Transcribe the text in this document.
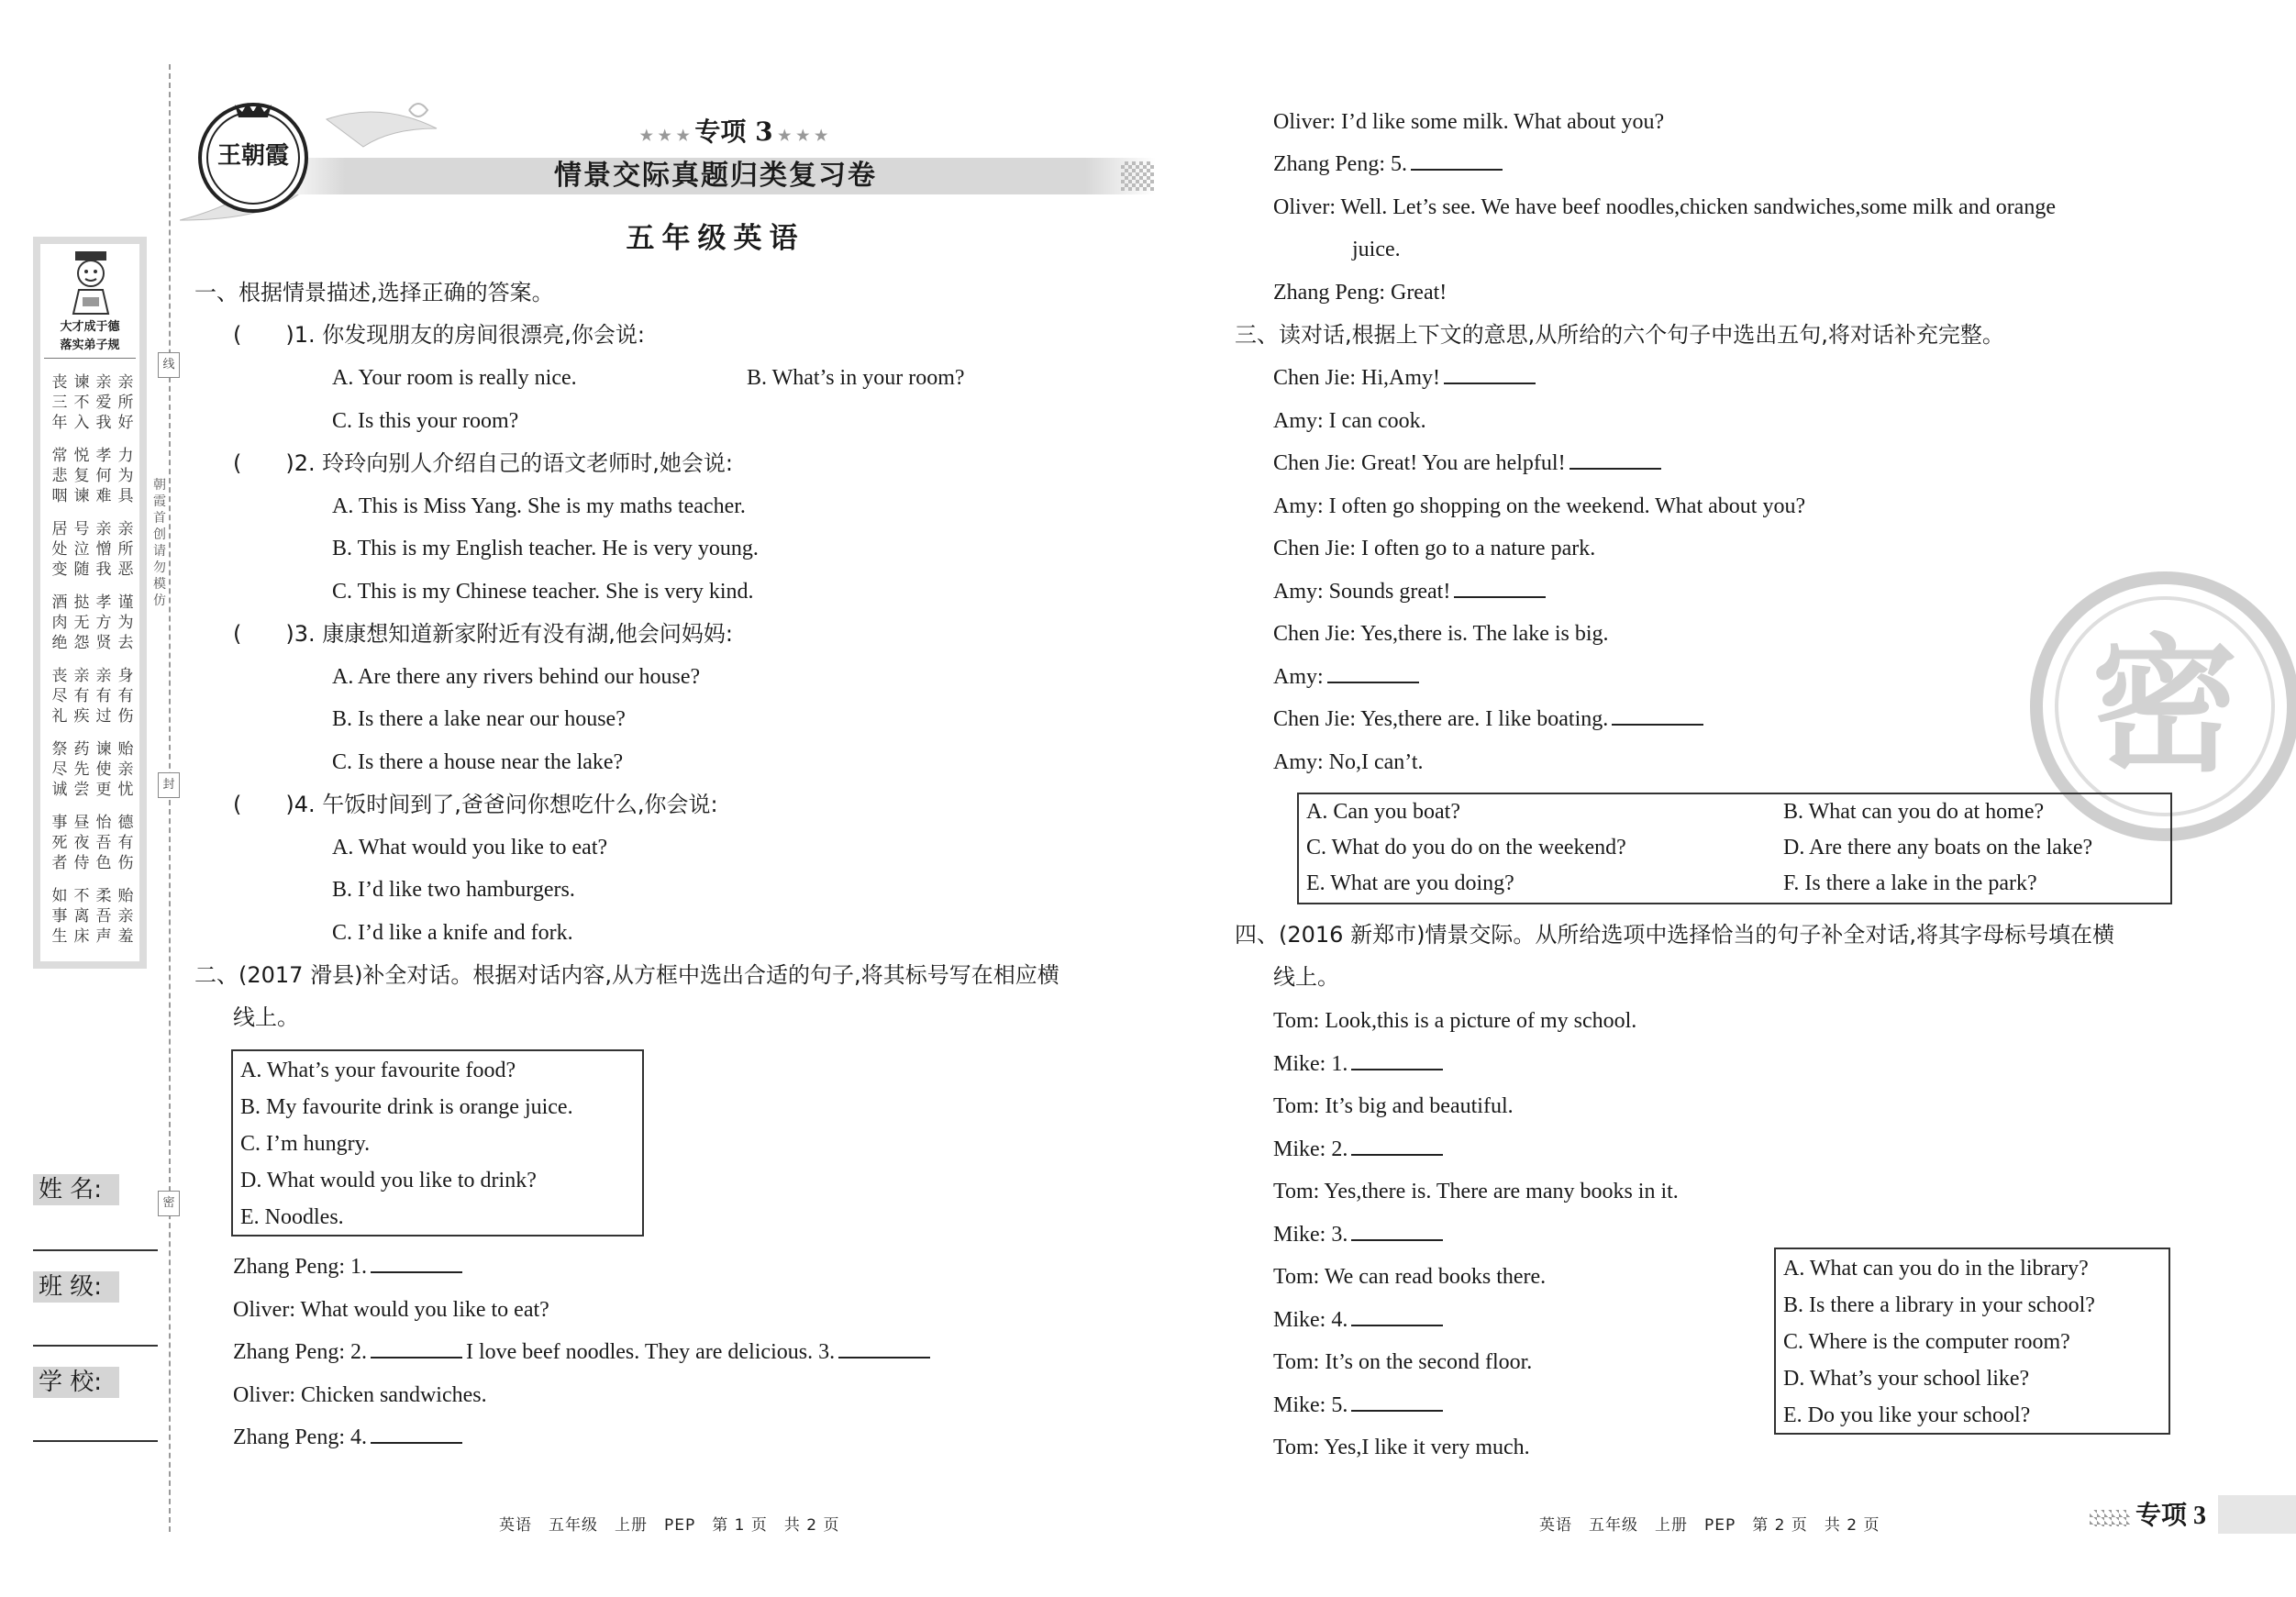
线
封
密
朝霞首创 请勿模仿
大才成于德
落实弟子规
丧三年
谏不入
亲爱我
亲所好
常悲咽
悦复谏
孝何难
力为具
居处变
号泣随
亲憎我
亲所恶
酒肉绝
挞无怨
孝方贤
谨为去
丧尽礼
亲有疾
亲有过
身有伤
祭尽诚
药先尝
谏使更
贻亲忧
事死者
昼夜侍
怡吾色
德有伤
如事生
不离床
柔吾声
贻亲羞
姓 名:
班 级:
学 校:
王朝霞
★ ★ ★ 专项 3 ★ ★ ★
情景交际真题归类复习卷
五年级英语
一、根据情景描述,选择正确的答案。
(　　)1. 你发现朋友的房间很漂亮,你会说:
A. Your room is really nice.	B. What’s in your room?
C. Is this your room?
(　　)2. 玲玲向别人介绍自己的语文老师时,她会说:
A. This is Miss Yang. She is my maths teacher.
B. This is my English teacher. He is very young.
C. This is my Chinese teacher. She is very kind.
(　　)3. 康康想知道新家附近有没有湖,他会问妈妈:
A. Are there any rivers behind our house?
B. Is there a lake near our house?
C. Is there a house near the lake?
(　　)4. 午饭时间到了,爸爸问你想吃什么,你会说:
A. What would you like to eat?
B. I’d like two hamburgers.
C. I’d like a knife and fork.
二、(2017 滑县)补全对话。根据对话内容,从方框中选出合适的句子,将其标号写在相应横
线上。
A. What’s your favourite food?
B. My favourite drink is orange juice.
C. I’m hungry.
D. What would you like to drink?
E. Noodles.
Zhang Peng: 1.
Oliver: What would you like to eat?
Zhang Peng: 2.	I love beef noodles. They are delicious. 3.
Oliver: Chicken sandwiches.
Zhang Peng: 4.
英语　五年级　上册　PEP　第 1 页　共 2 页
密
Oliver: I’d like some milk. What about you?
Zhang Peng: 5.
Oliver: Well. Let’s see. We have beef noodles,chicken sandwiches,some milk and orange
juice.
Zhang Peng: Great!
三、读对话,根据上下文的意思,从所给的六个句子中选出五句,将对话补充完整。
Chen Jie: Hi,Amy!
Amy: I can cook.
Chen Jie: Great! You are helpful!
Amy: I often go shopping on the weekend. What about you?
Chen Jie: I often go to a nature park.
Amy: Sounds great!
Chen Jie: Yes,there is. The lake is big.
Amy:
Chen Jie: Yes,there are. I like boating.
Amy: No,I can’t.
A. Can you boat?	B. What can you do at home?
C. What do you do on the weekend?	D. Are there any boats on the lake?
E. What are you doing?	F. Is there a lake in the park?
四、(2016 新郑市)情景交际。从所给选项中选择恰当的句子补全对话,将其字母标号填在横
线上。
Tom: Look,this is a picture of my school.
Mike: 1.
Tom: It’s big and beautiful.
Mike: 2.
Tom: Yes,there is. There are many books in it.
Mike: 3.
Tom: We can read books there.
Mike: 4.
Tom: It’s on the second floor.
Mike: 5.
Tom: Yes,I like it very much.
A. What can you do in the library?
B. Is there a library in your school?
C. Where is the computer room?
D. What’s your school like?
E. Do you like your school?
英语　五年级　上册　PEP　第 2 页　共 2 页	专项 3
